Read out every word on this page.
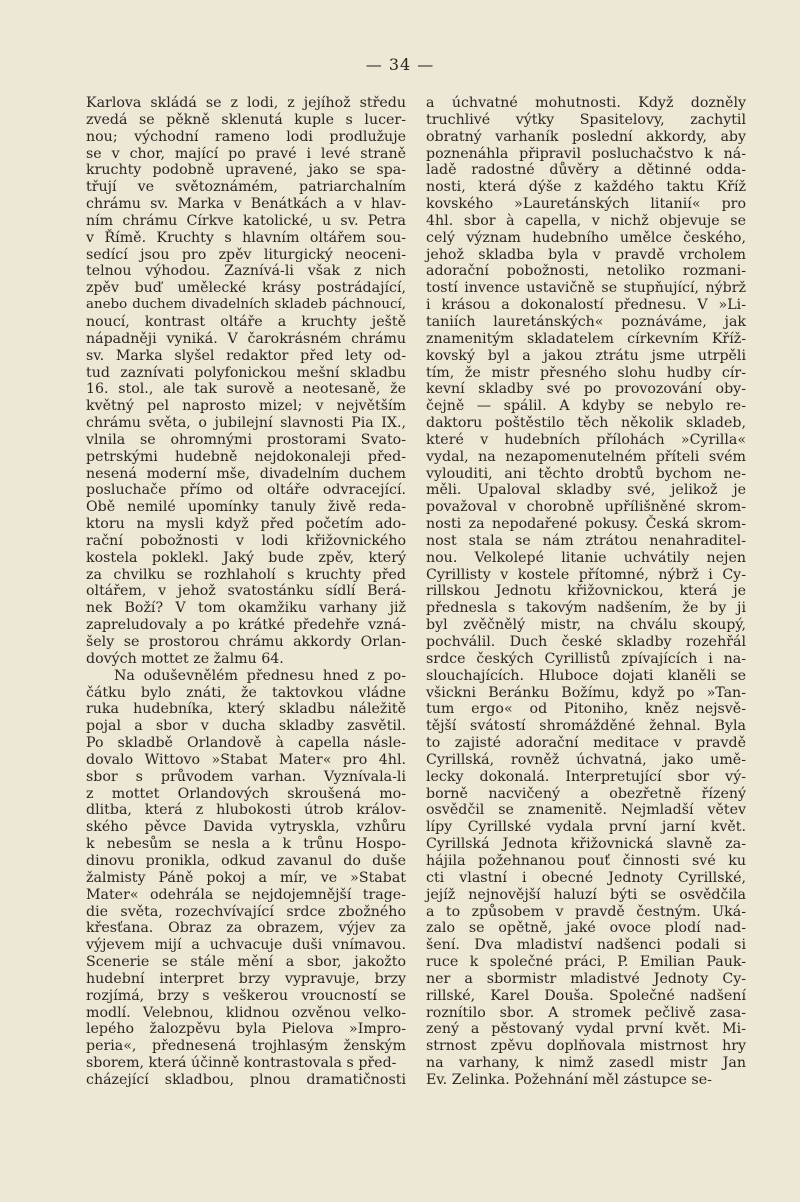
— 34 —
Karlova skládá se z lodi, z jejíhož středu
zvedá se pěkně sklenutá kuple s lucer-
nou; východní rameno lodi prodlužuje
se v chor, mající po pravé i levé straně
kruchty podobně upravené, jako se spa-
třují ve světoznámém, patriarchalním
chrámu sv. Marka v Benátkách a v hlav-
ním chrámu Církve katolické, u sv. Petra
v Římě. Kruchty s hlavním oltářem sou-
sedící jsou pro zpěv liturgický neoceni-
telnou výhodou. Zaznívá-li však z nich
zpěv buď umělecké krásy postrádající,
anebo duchem divadelních skladeb páchnoucí,
noucí, kontrast oltáře a kruchty ještě
nápadněji vyniká. V čarokrásném chrámu
sv. Marka slyšel redaktor před lety od-
tud zaznívati polyfonickou mešní skladbu
16. stol., ale tak surově a neotesaně, že
květný pel naprosto mizel; v největším
chrámu světa, o jubilejní slavnosti Pia IX.,
vlnila se ohromnými prostorami Svato-
petrskými hudebně nejdokonaleji před-
nesená moderní mše, divadelním duchem
posluchače přímo od oltáře odvracející.
Obě nemilé upomínky tanuly živě reda-
ktoru na mysli když před početím ado-
rační pobožnosti v lodi křižovnického
kostela poklekl. Jaký bude zpěv, který
za chvilku se rozhlaholí s kruchty před
oltářem, v jehož svatostánku sídlí Berá-
nek Boží? V tom okamžiku varhany již
zapreludovaly a po krátké předehře vzná-
šely se prostorou chrámu akkordy Orlan-
dových mottet ze žalmu 64.
Na oduševnělém přednesu hned z po-
čátku bylo znáti, že taktovkou vládne
ruka hudebníka, který skladbu náležitě
pojal a sbor v ducha skladby zasvětil.
Po skladbě Orlandově à capella násle-
dovalo Wittovo »Stabat Mater« pro 4hl.
sbor s průvodem varhan. Vyznívala-li
z mottet Orlandových skroušená mo-
dlitba, která z hlubokosti útrob králov-
ského pěvce Davida vytryskla, vzhůru
k nebesům se nesla a k trůnu Hospo-
dinovu pronikla, odkud zavanul do duše
žalmisty Páně pokoj a mír, ve »Stabat
Mater« odehrála se nejdojemnější trage-
die světa, rozechvívající srdce zbožného
křesťana. Obraz za obrazem, výjev za
výjevem mijí a uchvacuje duši vnímavou.
Scenerie se stále mění a sbor, jakožto
hudební interpret brzy vypravuje, brzy
rozjímá, brzy s veškerou vroucností se
modlí. Velebnou, klidnou ozvěnou velko-
lepého žalozpěvu byla Pielova »Impro-
peria«, přednesená trojhlasým ženským
sborem, která účinně kontrastovala s před-
cházející skladbou, plnou dramatičnosti
a úchvatné mohutnosti. Když dozněly
truchlivé výtky Spasitelovy, zachytil
obratný varhaník poslední akkordy, aby
poznenáhla připravil posluchačstvo k ná-
ladě radostné důvěry a dětinné odda-
nosti, která dýše z každého taktu Kříž
kovského »Lauretánských litanií« pro
4hl. sbor à capella, v nichž objevuje se
celý význam hudebního umělce českého,
jehož skladba byla v pravdě vrcholem
adorační pobožnosti, netoliko rozmani-
tostí invence ustavičně se stupňující, nýbrž
i krásou a dokonalostí přednesu. V »Li-
taniích lauretánských« poznáváme, jak
znamenitým skladatelem církevním Kříž-
kovský byl a jakou ztrátu jsme utrpěli
tím, že mistr přesného slohu hudby cír-
kevní skladby své po provozování oby-
čejně — spálil. A kdyby se nebylo re-
daktoru poštěstilo těch několik skladeb,
které v hudebních přílohách »Cyrilla«
vydal, na nezapomenutelném příteli svém
vylouditi, ani těchto drobtů bychom ne-
měli. Upaloval skladby své, jelikož je
považoval v chorobně upřílišněné skrom-
nosti za nepodařené pokusy. Česká skrom-
nost stala se nám ztrátou nenahraditel-
nou. Velkolepé litanie uchvátily nejen
Cyrillisty v kostele přítomné, nýbrž i Cy-
rillskou Jednotu křižovnickou, která je
přednesla s takovým nadšením, že by ji
byl zvěčnělý mistr, na chválu skoupý,
pochválil. Duch české skladby rozehřál
srdce českých Cyrillistů zpívajících i na-
slouchajících. Hluboce dojati klaněli se
všickni Beránku Božímu, když po »Tan-
tum ergo« od Pitoniho, kněz nejsvě-
tější svátostí shromážděné žehnal. Byla
to zajisté adorační meditace v pravdě
Cyrillská, rovněž úchvatná, jako umě-
lecky dokonalá. Interpretující sbor vý-
borně nacvičený a obezřetně řízený
osvědčil se znamenitě. Nejmladší větev
lípy Cyrillské vydala první jarní květ.
Cyrillská Jednota křižovnická slavně za-
hájila požehnanou pouť činnosti své ku
cti vlastní i obecné Jednoty Cyrillské,
jejíž nejnovější haluzí býti se osvědčila
a to způsobem v pravdě čestným. Uká-
zalo se opětně, jaké ovoce plodí nad-
šení. Dva mladiství nadšenci podali si
ruce k společné práci, P. Emilian Pauk-
ner a sbormistr mladistvé Jednoty Cy-
rillské, Karel Douša. Společné nadšení
roznítilo sbor. A stromek pečlivě zasa-
zený a pěstovaný vydal první květ. Mi-
strnost zpěvu doplňovala mistrnost hry
na varhany, k nimž zasedl mistr Jan
Ev. Zelinka. Požehnání měl zástupce se-
